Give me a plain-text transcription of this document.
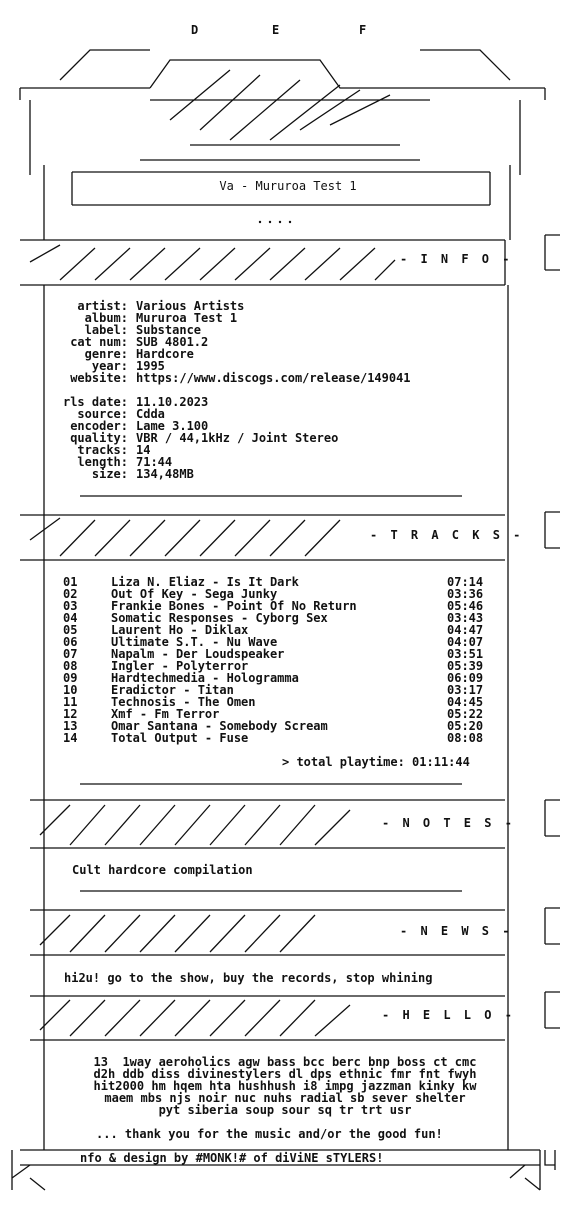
D	E	F
Va - Mururoa Test 1
- I N F O -
- T R A C K S -
- N O T E S -
- N E W S -
- H E L L O -
artist: Various Artists
album: Mururoa Test 1
label: Substance
cat num: SUB 4801.2
genre: Hardcore
year: 1995
website: https://www.discogs.com/release/149041
rls date: 11.10.2023
source: Cdda
encoder: Lame 3.100
quality: VBR / 44,1kHz / Joint Stereo
tracks: 14
length: 71:44
size: 134,48MB
01	Liza N. Eliaz - Is It Dark	07:14
02	Out Of Key - Sega Junky	03:36
03	Frankie Bones - Point Of No Return	05:46
04	Somatic Responses - Cyborg Sex	03:43
05	Laurent Ho - Diklax	04:47
06	Ultimate S.T. - Nu Wave	04:07
07	Napalm - Der Loudspeaker	03:51
08	Ingler - Polyterror	05:39
09	Hardtechmedia - Hologramma	06:09
10	Eradictor - Titan	03:17
11	Technosis - The Omen	04:45
12	Xmf - Fm Terror	05:22
13	Omar Santana - Somebody Scream	05:20
14	Total Output - Fuse	08:08
> total playtime: 01:11:44
Cult hardcore compilation
hi2u! go to the show, buy the records, stop whining
13  1way aeroholics agw bass bcc berc bnp boss ct cmc
d2h ddb diss divinestylers dl dps ethnic fmr fnt fwyh
hit2000 hm hqem hta hushhush i8 impg jazzman kinky kw
maem mbs njs noir nuc nuhs radial sb sever shelter
pyt siberia soup sour sq tr trt usr
... thank you for the music and/or the good fun!
nfo & design by #MONK!# of diViNE sTYLERS!
